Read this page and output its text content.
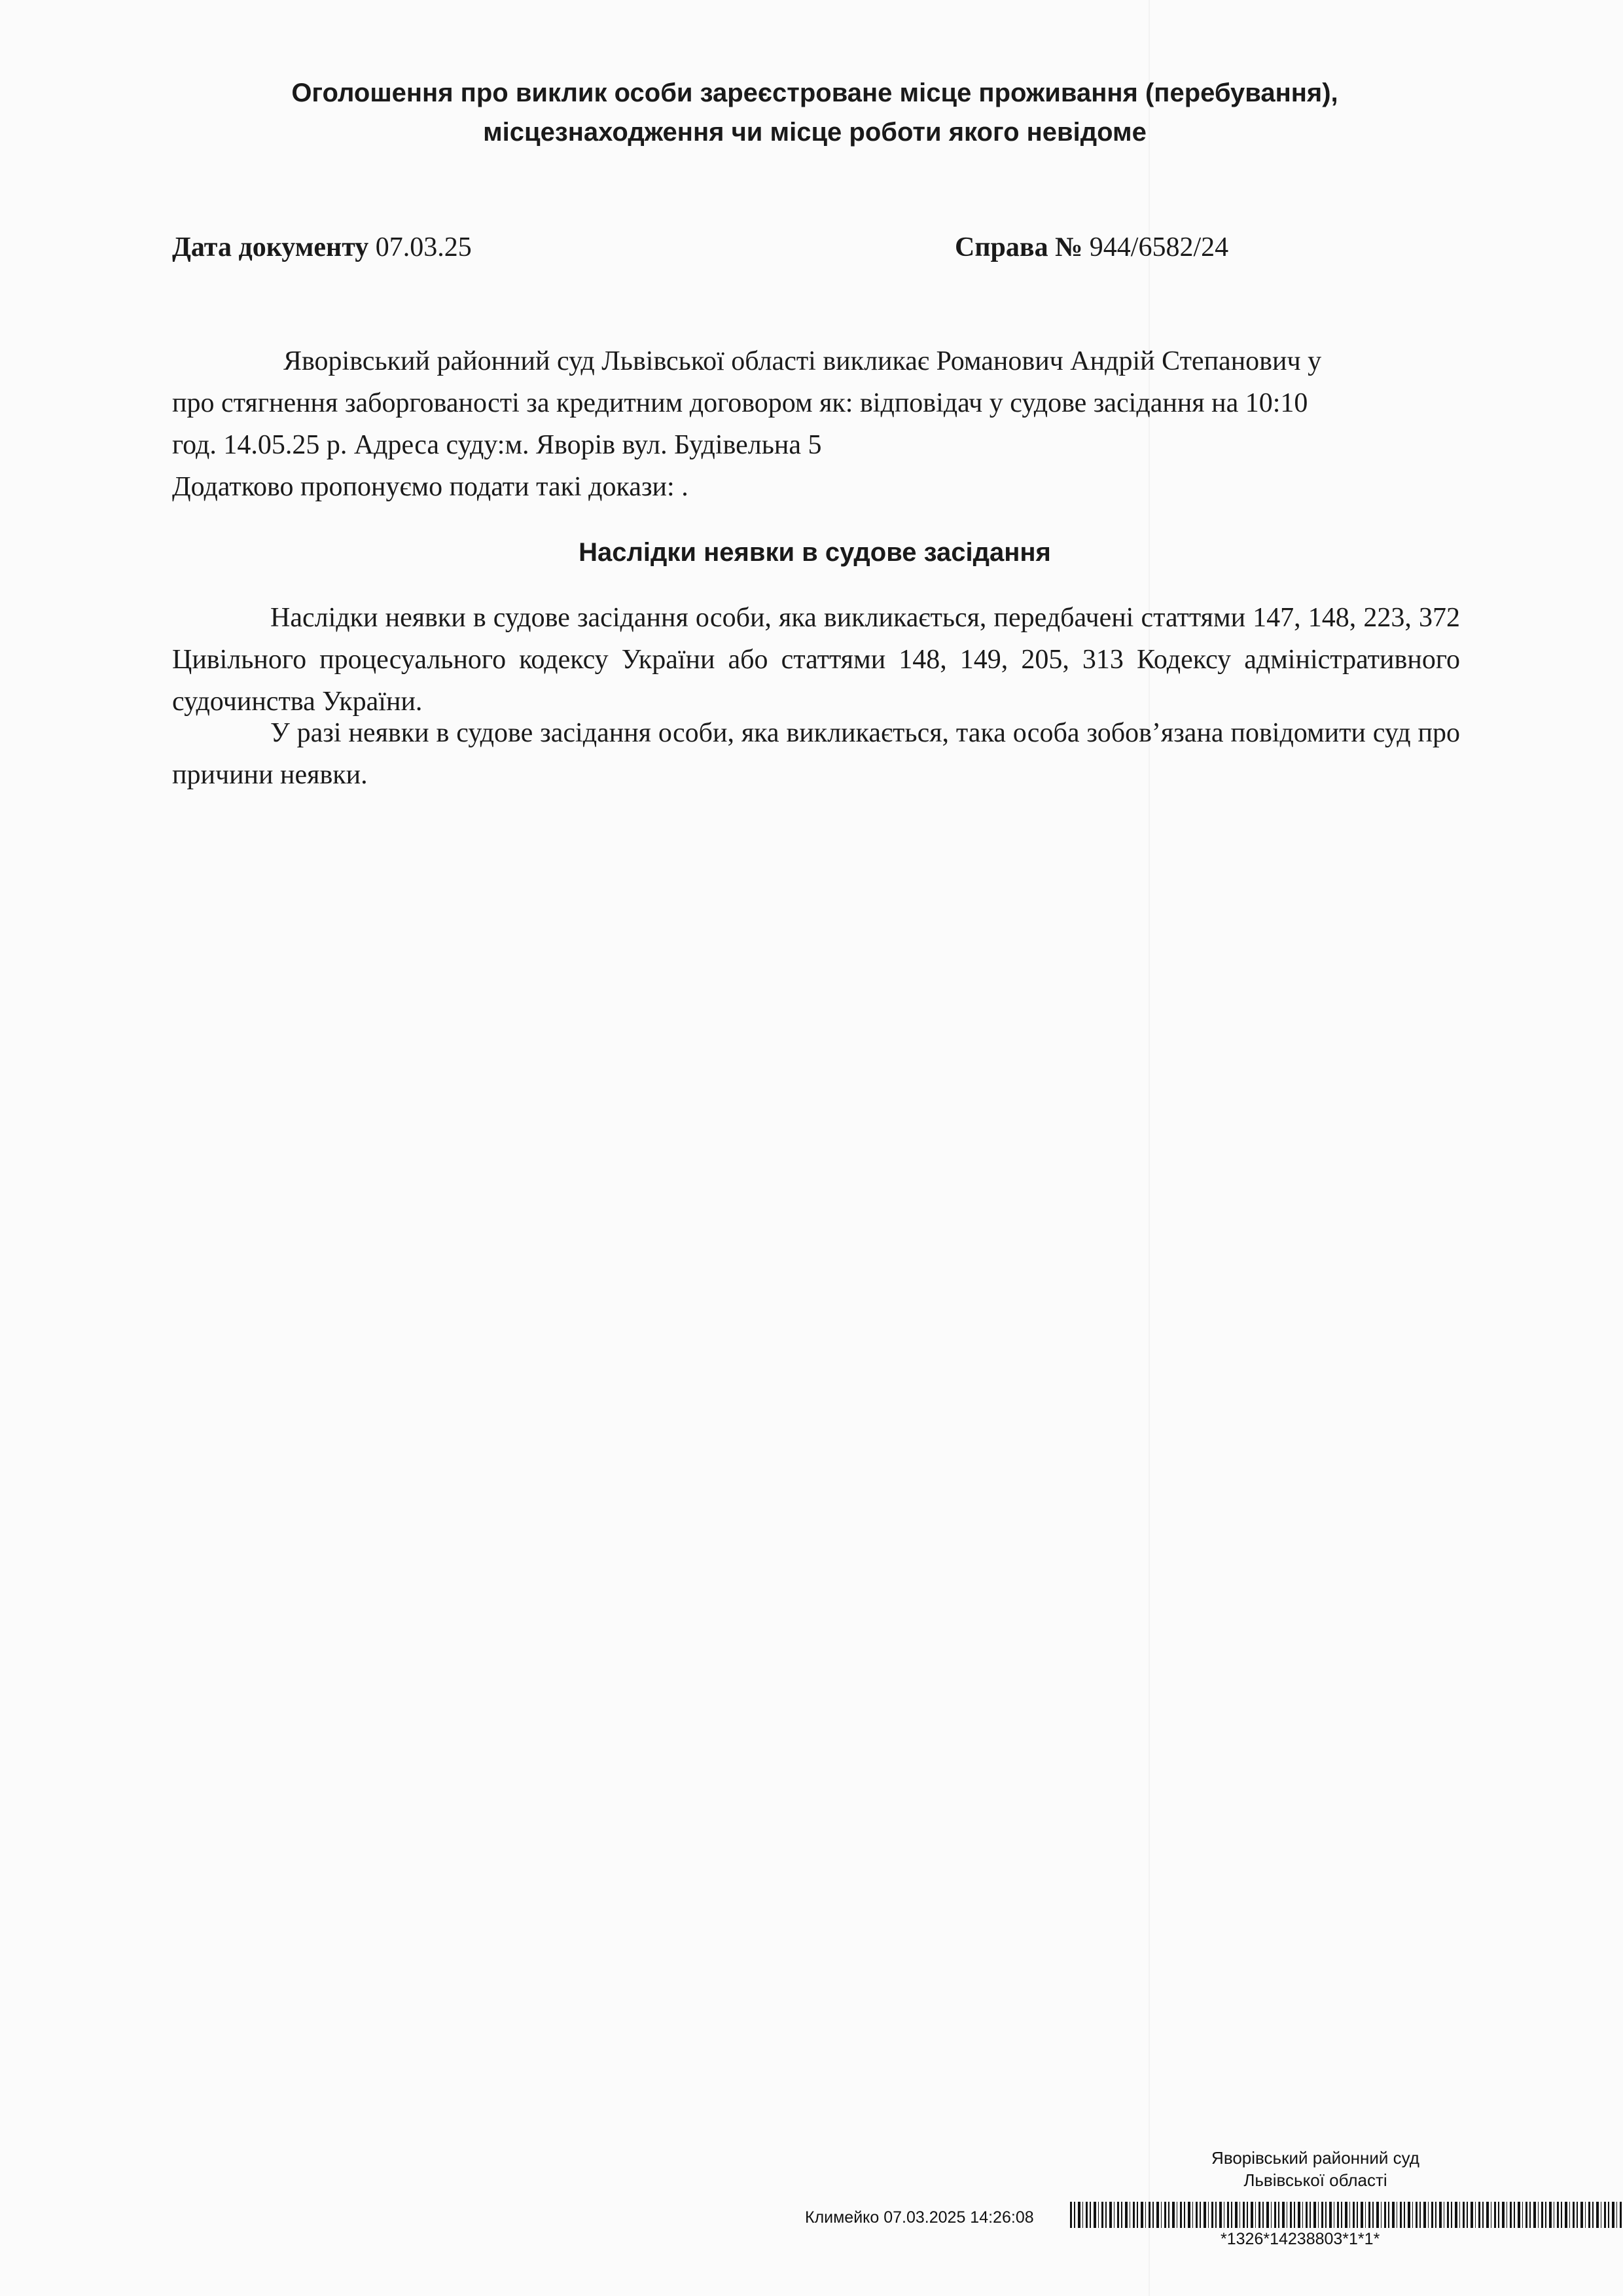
Оголошення про виклик особи зареєстроване місце проживання (перебування),
місцезнаходження чи місце роботи якого невідоме
Дата документу 07.03.25	Справа № 944/6582/24
Яворівський районний суд Львівської області викликає Романович Андрій Степанович у
про стягнення заборгованості за кредитним договором як: відповідач у судове засідання на 10:10
год. 14.05.25 р. Адреса суду:м. Яворів вул. Будівельна 5
Додатково пропонуємо подати такі докази: .
Наслідки неявки в судове засідання
Наслідки неявки в судове засідання особи, яка викликається, передбачені статтями 147, 148, 223, 372 Цивільного процесуального кодексу України або статтями 148, 149, 205, 313 Кодексу адміністративного судочинства України.
У разі неявки в судове засідання особи, яка викликається, така особа зобов’язана повідомити суд про причини неявки.
Яворівський районний суд
Львівської області
Климейко 07.03.2025 14:26:08
*1326*14238803*1*1*
